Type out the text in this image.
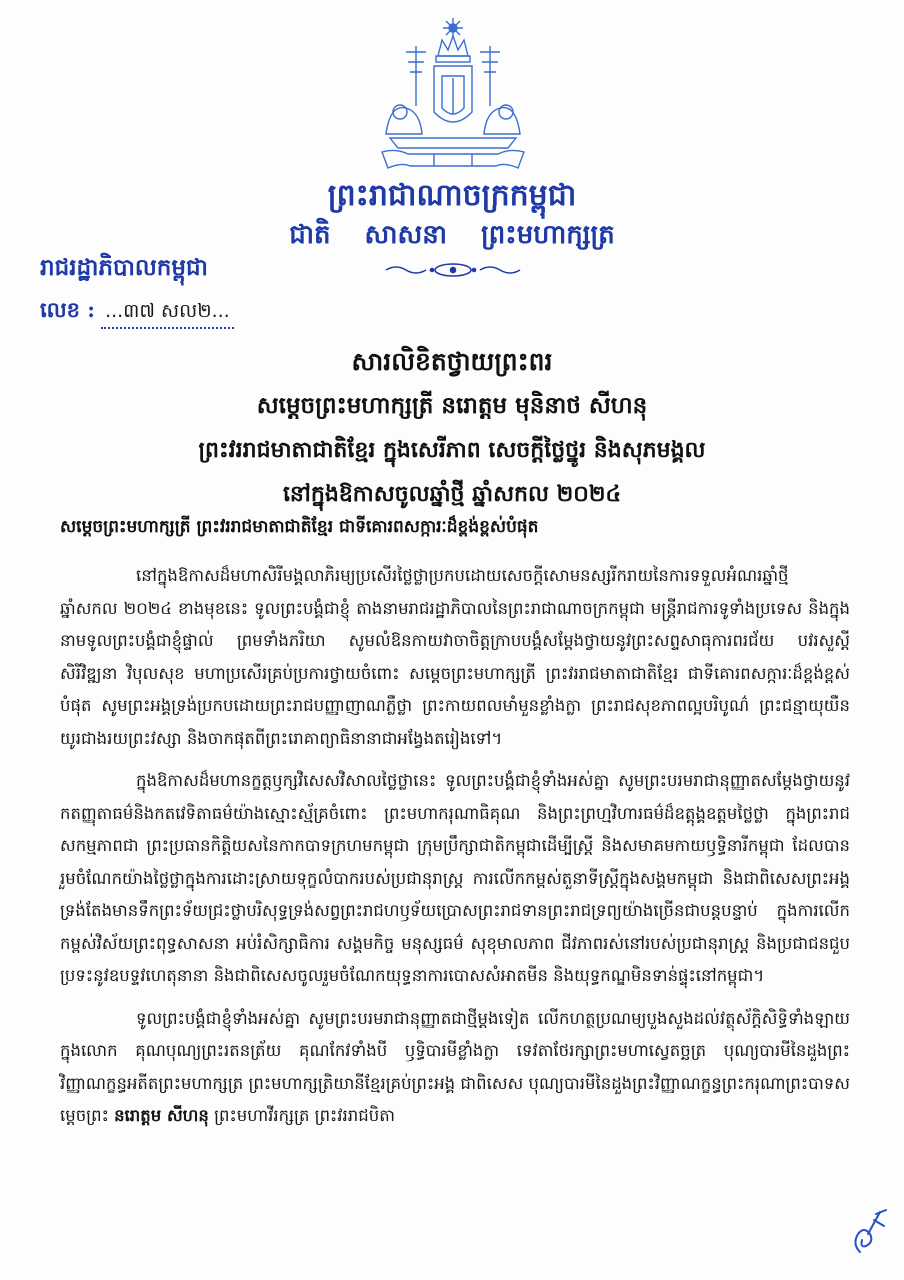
ព្រះរាជាណាចក្រកម្ពុជា
ជាតិ សាសនា ព្រះមហាក្សត្រ
រាជរដ្ឋាភិបាលកម្ពុជា
លេខ : ...៣៧ សល២...
សារលិខិតថ្វាយព្រះពរ
សម្តេចព្រះមហាក្សត្រី នរោត្តម មុនិនាថ សីហនុ
ព្រះវររាជមាតាជាតិខ្មែរ ក្នុងសេរីភាព សេចក្តីថ្លៃថ្នូរ និងសុភមង្គល
នៅក្នុងឱកាសចូលឆ្នាំថ្មី ឆ្នាំសកល ២០២៤
សម្តេចព្រះមហាក្សត្រី ព្រះវររាជមាតាជាតិខ្មែរ ជាទីគោរពសក្ការៈដ៏ខ្ពង់ខ្ពស់បំផុត

នៅក្នុងឱកាសដ៏មហាសិរីមង្គលាភិរម្យប្រសើរថ្លៃថ្លាប្រកបដោយសេចក្តីសោមនស្សរីករាយនៃការទទួលអំណរឆ្នាំថ្មី ឆ្នាំសកល ២០២៤ ខាងមុខនេះ ទូលព្រះបង្គំជាខ្ញុំ តាងនាមរាជរដ្ឋាភិបាលនៃព្រះរាជាណាចក្រកម្ពុជា មន្ត្រីរាជការទូទាំងប្រទេស និងក្នុងនាមទូលព្រះបង្គំជាខ្ញុំផ្ទាល់ ព្រមទាំងភរិយា សូមលំឱនកាយវាចាចិត្តក្រាបបង្គំសម្តែងថ្វាយនូវព្រះសព្ទសាធុការពរជ័យ បវរសួស្តី សិរីវិឌ្ឍនា វិបុលសុខ មហាប្រសើរគ្រប់ប្រការថ្វាយចំពោះ សម្តេចព្រះមហាក្សត្រី ព្រះវររាជមាតាជាតិខ្មែរ ជាទីគោរពសក្ការៈដ៏ខ្ពង់ខ្ពស់បំផុត សូមព្រះអង្គទ្រង់ប្រកបដោយព្រះរាជបញ្ញាញាណភ្លឺថ្លា ព្រះកាយពលមាំមួនខ្លាំងក្លា ព្រះរាជសុខភាពល្អបរិបូណ៌ ព្រះជន្មាយុយឺនយូរជាងរយព្រះវស្សា និងចាកផុតពីព្រះរោគាព្យាធិនានាជាអង្វែងតរៀងទៅ។

ក្នុងឱកាសដ៏មហានក្ខត្តឫក្សវិសេសវិសាលថ្លៃថ្លានេះ ទូលព្រះបង្គំជាខ្ញុំទាំងអស់គ្នា សូមព្រះបរមរាជានុញ្ញាតសម្តែងថ្វាយនូវកតញ្ញុតាធម៌និងកតវេទិតាធម៌យ៉ាងស្មោះស្ម័គ្រចំពោះ ព្រះមហាករុណាធិគុណ និងព្រះព្រហ្មវិហារធម៌ដ៏ឧត្តុង្គឧត្តមថ្លៃថ្លា ក្នុងព្រះរាជសកម្មភាពជា ព្រះប្រធានកិត្តិយសនៃកាកបាទក្រហមកម្ពុជា ក្រុមប្រឹក្សាជាតិកម្ពុជាដើម្បីស្ត្រី និងសមាគមកាយឫទ្ធិនារីកម្ពុជា ដែលបានរួមចំណែកយ៉ាងថ្លៃថ្លាក្នុងការដោះស្រាយទុក្ខលំបាករបស់ប្រជានុរាស្ត្រ ការលើកកម្ពស់តួនាទីស្ត្រីក្នុងសង្គមកម្ពុជា និងជាពិសេសព្រះអង្គទ្រង់តែងមានទឹកព្រះទ័យជ្រះថ្លាបរិសុទ្ធទ្រង់សព្វព្រះរាជហឫទ័យប្រោសព្រះរាជទានព្រះរាជទ្រព្យយ៉ាងច្រើនជាបន្តបន្ទាប់ ក្នុងការលើកកម្ពស់វិស័យព្រះពុទ្ធសាសនា អប់រំសិក្សាធិការ សង្គមកិច្ច មនុស្សធម៌ សុខុមាលភាព ជីវភាពរស់នៅរបស់ប្រជានុរាស្ត្រ និងប្រជាជនជួបប្រទះនូវឧបទ្ទវហេតុនានា និងជាពិសេសចូលរួមចំណែកយុទ្ធនាការបោសសំអាតមីន និងយុទ្ធកណ្ឌមិនទាន់ផ្ទុះនៅកម្ពុជា។

ទូលព្រះបង្គំជាខ្ញុំទាំងអស់គ្នា សូមព្រះបរមរាជានុញ្ញាតជាថ្មីម្តងទៀត លើកហត្ថប្រណម្យបួងសួងដល់វត្ថុស័ក្តិសិទ្ធិទាំងឡាយក្នុងលោក គុណបុណ្យព្រះរតនត្រ័យ គុណកែវទាំងបី ឫទ្ធិបារមីខ្លាំងក្លា ទេវតាថែរក្សាព្រះមហាស្វេតច្ឆត្រ បុណ្យបារមីនៃដួងព្រះវិញ្ញាណក្ខន្ធអតីតព្រះមហាក្សត្រ ព្រះមហាក្សត្រិយានីខ្មែរគ្រប់ព្រះអង្គ ជាពិសេស បុណ្យបារមីនៃដួងព្រះវិញ្ញាណក្ខន្ធព្រះករុណាព្រះបាទសម្តេចព្រះ នរោត្តម សីហនុ ព្រះមហាវីរក្សត្រ ព្រះវររាជបិតា
